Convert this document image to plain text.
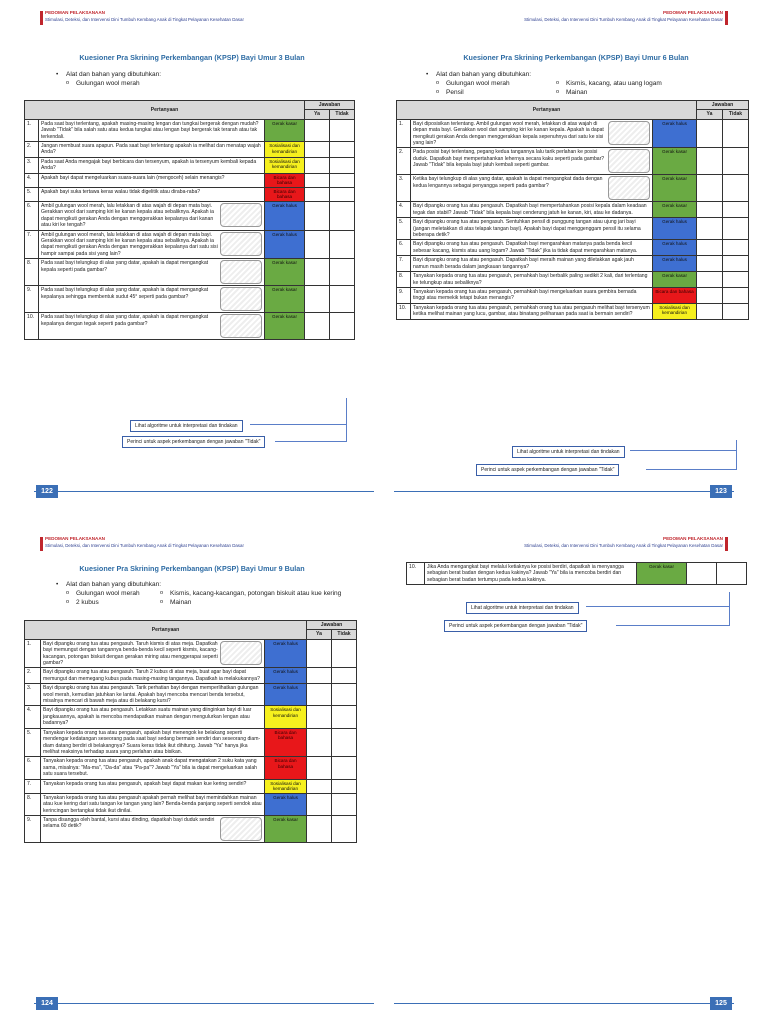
PEDOMAN PELAKSANAAN
Stimulasi, Deteksi, dan Intervensi Dini Tumbuh Kembang Anak di Tingkat Pelayanan Kesehatan Dasar
Kuesioner Pra Skrining Perkembangan (KPSP) Bayi Umur 3 Bulan
• Alat dan bahan yang dibutuhkan:
o Gulungan wool merah
Pertanyaan			Jawaban	
			Ya	Tidak
1.	Pada saat bayi terlentang, apakah masing-masing lengan dan tungkai bergerak dengan mudah? Jawab "Tidak" bila salah satu atau kedua tungkai atau lengan bayi bergerak tak terarah atau tak terkendali.	Gerak kasar		
2.	Jangan membuat suara apapun. Pada saat bayi terlentang apakah ia melihat dan menatap wajah Anda?	Sosialisasi dan kemandirian		
3.	Pada saat Anda mengajak bayi berbicara dan tersenyum, apakah ia tersenyum kembali kepada Anda?	Sosialisasi dan kemandirian		
4.	Apakah bayi dapat mengeluarkan suara-suara lain (mengoceh) selain menangis?	Bicara dan bahasa		
5.	Apakah bayi suka tertawa keras walau tidak digelitik atau diraba-raba?	Bicara dan bahasa		
6.	Ambil gulungan wool merah, lalu letakkan di atas wajah di depan mata bayi. Gerakkan wool dari samping kiri ke kanan kepala atau sebaliknya. Apakah ia dapat mengikuti gerakan Anda dengan menggerakkan kepalanya dari kanan atau kiri ke tengah?	Gerak halus		
7.	Ambil gulungan wool merah, lalu letakkan di atas wajah di depan mata bayi. Gerakkan wool dari samping kiri ke kanan kepala atau sebaliknya. Apakah ia dapat mengikuti gerakan Anda dengan menggerakkan kepalanya dari satu sisi hampir sampai pada sisi yang lain?	Gerak halus		
8.	Pada saat bayi telungkup di alas yang datar, apakah ia dapat mengangkat kepala seperti pada gambar?	Gerak kasar		
9.	Pada saat bayi telungkup di alas yang datar, apakah ia dapat mengangkat kepalanya sehingga membentuk sudut 45° seperti pada gambar?	Gerak kasar		
10.	Pada saat bayi telungkup di alas yang datar, apakah ia dapat mengangkat kepalanya dengan tegak seperti pada gambar?	Gerak kasar		
Lihat algoritme untuk interpretasi dan tindakan
Perinci untuk aspek perkembangan dengan jawaban "Tidak"
122
PEDOMAN PELAKSANAAN
Stimulasi, Deteksi, dan Intervensi Dini Tumbuh Kembang Anak di Tingkat Pelayanan Kesehatan Dasar
Kuesioner Pra Skrining Perkembangan (KPSP) Bayi Umur 6 Bulan
• Alat dan bahan yang dibutuhkan:
o Gulungan wool merah
o Pensil
o Kismis, kacang, atau uang logam
o Mainan
Pertanyaan			Jawaban	
			Ya	Tidak
1.	Bayi diposisikan terlentang. Ambil gulungan wool merah, letakkan di atas wajah di depan mata bayi. Gerakkan wool dari samping kiri ke kanan kepala. Apakah ia dapat mengikuti gerakan Anda dengan menggerakkan kepala sepenuhnya dari satu ke sisi yang lain?	Gerak halus		
2.	Pada posisi bayi terlentang, pegang kedua tangannya lalu tarik perlahan ke posisi duduk. Dapatkah bayi mempertahankan lehernya secara kaku seperti pada gambar? Jawab "Tidak" bila kepala bayi jatuh kembali seperti gambar.	Gerak kasar		
3.	Ketika bayi telungkup di alas yang datar, apakah ia dapat mengangkat dada dengan kedua lengannya sebagai penyangga seperti pada gambar?	Gerak kasar		
4.	Bayi dipangku orang tua atau pengasuh. Dapatkah bayi mempertahankan posisi kepala dalam keadaan tegak dan stabil? Jawab "Tidak" bila kepala bayi cenderung jatuh ke kanan, kiri, atau ke dadanya.	Gerak kasar		
5.	Bayi dipangku orang tua atau pengasuh. Sentuhkan pensil di punggung tangan atau ujung jari bayi (jangan meletakkan di atas telapak tangan bayi). Apakah bayi dapat menggenggam pensil itu selama beberapa detik?	Gerak halus		
6.	Bayi dipangku orang tua atau pengasuh. Dapatkah bayi mengarahkan matanya pada benda kecil sebesar kacang, kismis atau uang logam? Jawab "Tidak" jika ia tidak dapat mengarahkan matanya.	Gerak halus		
7.	Bayi dipangku orang tua atau pengasuh. Dapatkah bayi meraih mainan yang diletakkan agak jauh namun masih berada dalam jangkauan tangannya?	Gerak halus		
8.	Tanyakan kepada orang tua atau pengasuh, pernahkah bayi berbalik paling sedikit 2 kali, dari terlentang ke telungkup atau sebaliknya?	Gerak kasar		
9.	Tanyakan kepada orang tua atau pengasuh, pernahkah bayi mengeluarkan suara gembira bernada tinggi atau memekik tetapi bukan menangis?	Bicara dan bahasa		
10.	Tanyakan kepada orang tua atau pengasuh, pernahkah orang tua atau pengasuh melihat bayi tersenyum ketika melihat mainan yang lucu, gambar, atau binatang peliharaan pada saat ia bermain sendiri?	Sosialisasi dan kemandirian		
Lihat algoritme untuk interpretasi dan tindakan
Perinci untuk aspek perkembangan dengan jawaban "Tidak"
123
PEDOMAN PELAKSANAAN
Stimulasi, Deteksi, dan Intervensi Dini Tumbuh Kembang Anak di Tingkat Pelayanan Kesehatan Dasar
Kuesioner Pra Skrining Perkembangan (KPSP) Bayi Umur 9 Bulan
• Alat dan bahan yang dibutuhkan:
o Gulungan wool merah
o 2 kubus
o Kismis, kacang-kacangan, potongan biskuit atau kue kering
o Mainan
Pertanyaan			Jawaban	
			Ya	Tidak
1.	Bayi dipangku orang tua atau pengasuh. Taruh kismis di atas meja. Dapatkah bayi memungut dengan tangannya benda-benda kecil seperti kismis, kacang-kacangan, potongan biskuit dengan gerakan miring atau menggerapai seperti gambar?	Gerak halus		
2.	Bayi dipangku orang tua atau pengasuh. Taruh 2 kubus di atas meja, buat agar bayi dapat memungut dan memegang kubus pada masing-masing tangannya. Dapatkah ia melakukannya?	Gerak halus		
3.	Bayi dipangku orang tua atau pengasuh. Tarik perhatian bayi dengan memperlihatkan gulungan wool merah, kemudian jatuhkan ke lantai. Apakah bayi mencoba mencari benda tersebut, misalnya mencari di bawah meja atau di belakang kursi?	Gerak halus		
4.	Bayi dipangku orang tua atau pengasuh. Letakkan suatu mainan yang diinginkan bayi di luar jangkauannya, apakah ia mencoba mendapatkan mainan dengan mengulurkan lengan atau badannya?	Sosialisasi dan kemandirian		
5.	Tanyakan kepada orang tua atau pengasuh, apakah bayi menengok ke belakang seperti mendengar kedatangan seseorang pada saat bayi sedang bermain sendiri dan seseorang diam-diam datang berdiri di belakangnya? Suara keras tidak ikut dihitung. Jawab "Ya" hanya jika melihat reaksinya terhadap suara yang perlahan atau bisikan.	Bicara dan bahasa		
6.	Tanyakan kepada orang tua atau pengasuh, apakah anak dapat mengatakan 2 suku kata yang sama, misalnya: "Ma-ma", "Da-da" atau "Pa-pa"? Jawab "Ya" bila ia dapat mengeluarkan salah satu suara tersebut.	Bicara dan bahasa		
7.	Tanyakan kepada orang tua atau pengasuh, apakah bayi dapat makan kue kering sendiri?	Sosialisasi dan kemandirian		
8.	Tanyakan kepada orang tua atau pengasuh apakah pernah melihat bayi memindahkan mainan atau kue kering dari satu tangan ke tangan yang lain? Benda-benda panjang seperti sendok atau kerincingan bertangkai tidak ikut dinilai.	Gerak halus		
9.	Tanpa disangga oleh bantal, kursi atau dinding, dapatkah bayi duduk sendiri selama 60 detik?	Gerak kasar		
124
PEDOMAN PELAKSANAAN
Stimulasi, Deteksi, dan Intervensi Dini Tumbuh Kembang Anak di Tingkat Pelayanan Kesehatan Dasar
10.	Jika Anda mengangkat bayi melalui ketiaknya ke posisi berdiri, dapatkah ia menyangga sebagian berat badan dengan kedua kakinya? Jawab "Ya" bila ia mencoba berdiri dan sebagian berat badan tertumpu pada kedua kakinya.	Gerak kasar		
Lihat algoritme untuk interpretasi dan tindakan
Perinci untuk aspek perkembangan dengan jawaban "Tidak"
125
